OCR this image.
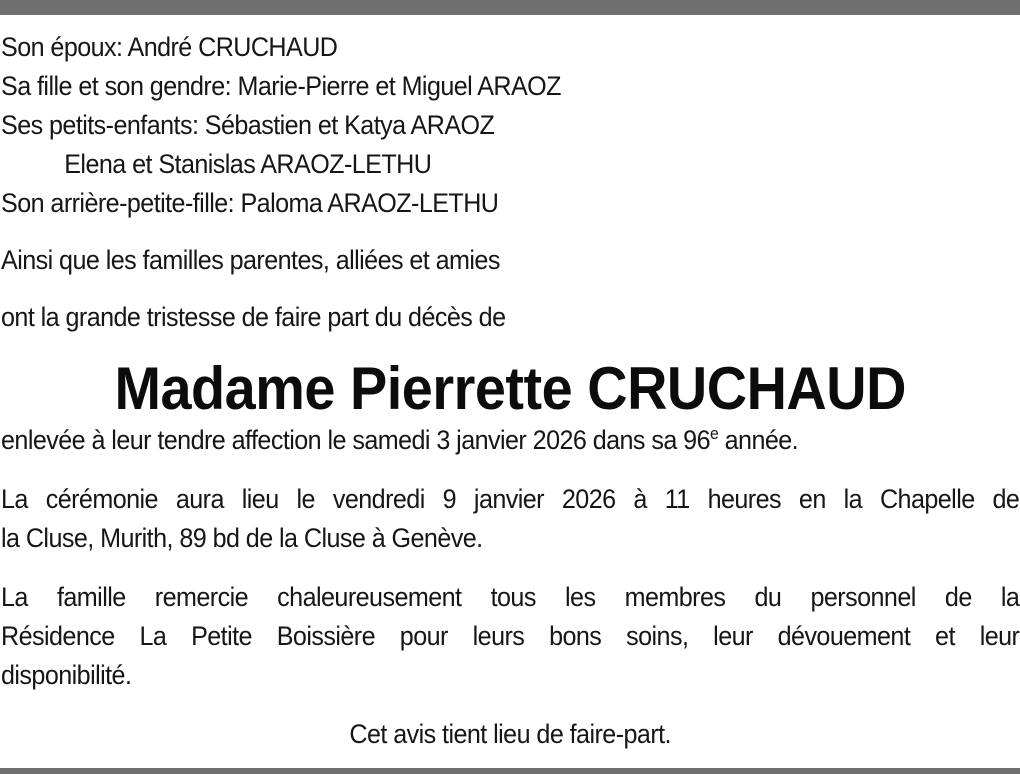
Son époux: André CRUCHAUD
Sa fille et son gendre: Marie-Pierre et Miguel ARAOZ
Ses petits-enfants: Sébastien et Katya ARAOZ
Elena et Stanislas ARAOZ-LETHU
Son arrière-petite-fille: Paloma ARAOZ-LETHU
Ainsi que les familles parentes, alliées et amies
ont la grande tristesse de faire part du décès de
Madame Pierrette CRUCHAUD
enlevée à leur tendre affection le samedi 3 janvier 2026 dans sa 96e année.
La cérémonie aura lieu le vendredi 9 janvier 2026 à 11 heures en la Chapelle de
la Cluse, Murith, 89 bd de la Cluse à Genève.
La famille remercie chaleureusement tous les membres du personnel de la
Résidence La Petite Boissière pour leurs bons soins, leur dévouement et leur
disponibilité.
Cet avis tient lieu de faire-part.
